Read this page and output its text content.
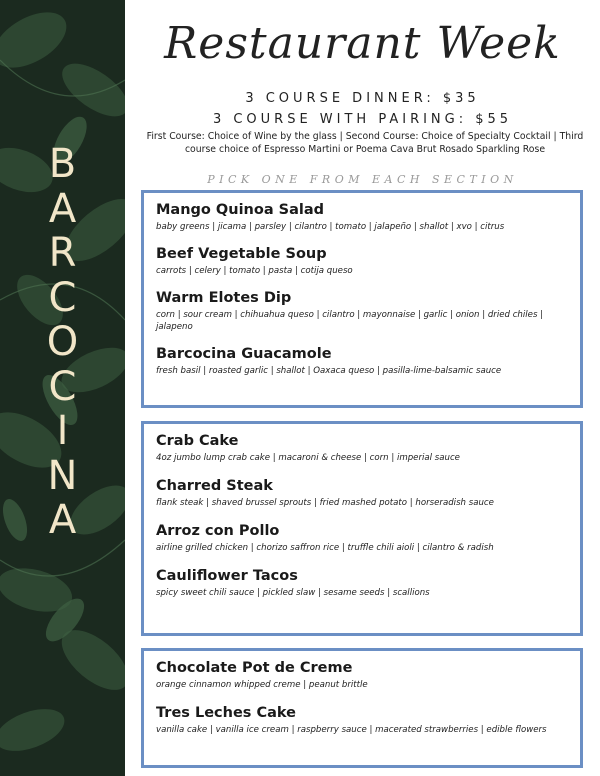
B
A
R
C
O
C
I
N
A
Restaurant Week
3 COURSE DINNER: $35
3 COURSE WITH PAIRING: $55
First Course: Choice of Wine by the glass | Second Course: Choice of Specialty Cocktail | Third course choice of Espresso Martini or Poema Cava Brut Rosado Sparkling Rose
PICK ONE FROM EACH SECTION
Mango Quinoa Salad
baby greens | jicama | parsley | cilantro | tomato | jalapeño | shallot | xvo | citrus
Beef Vegetable Soup
carrots | celery | tomato | pasta | cotija queso
Warm Elotes Dip
corn | sour cream | chihuahua queso | cilantro | mayonnaise | garlic | onion | dried chiles | jalapeno
Barcocina Guacamole
fresh basil | roasted garlic | shallot | Oaxaca queso | pasilla-lime-balsamic sauce
Crab Cake
4oz jumbo lump crab cake | macaroni & cheese | corn | imperial sauce
Charred Steak
flank steak | shaved brussel sprouts | fried mashed potato | horseradish sauce
Arroz con Pollo
airline grilled chicken | chorizo saffron rice | truffle chili aioli | cilantro & radish
Cauliflower Tacos
spicy sweet chili sauce | pickled slaw | sesame seeds | scallions
Chocolate Pot de Creme
orange cinnamon whipped creme | peanut brittle
Tres Leches Cake
vanilla cake | vanilla ice cream | raspberry sauce | macerated strawberries | edible flowers
